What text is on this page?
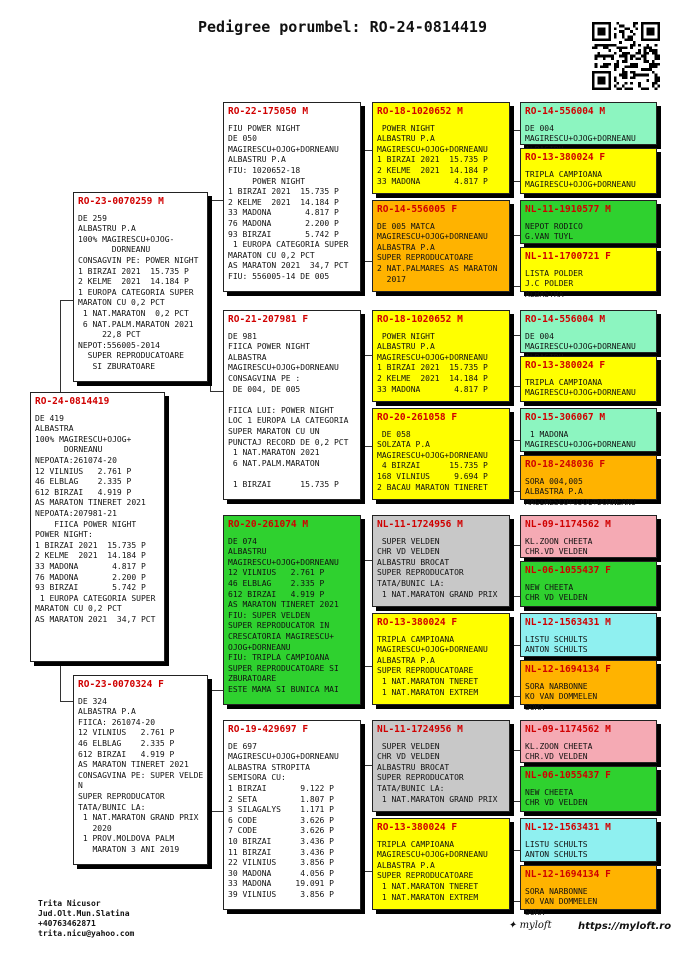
Pedigree porumbel: RO-24-0814419
RO-24-0814419
DE 419
ALBASTRA
100% MAGIRESCU+OJOG+
DORNEANU
NEPOATA:261074-20
12 VILNIUS   2.761 P
46 ELBLAG    2.335 P
612 BIRZAI   4.919 P
AS MARATON TINERET 2021
NEPOATA:207981-21
FIICA POWER NIGHT
POWER NIGHT:
1 BIRZAI 2021  15.735 P
2 KELME  2021  14.184 P
33 MADONA       4.817 P
76 MADONA       2.200 P
93 BIRZAI       5.742 P
1 EUROPA CATEGORIA SUPER
MARATON CU 0,2 PCT
AS MARATON 2021  34,7 PCT
RO-23-0070259 M
DE 259
ALBASTRU P.A
100% MAGIRESCU+OJOG-
DORNEANU
CONSAGVIN PE: POWER NIGHT
1 BIRZAI 2021  15.735 P
2 KELME  2021  14.184 P
1 EUROPA CATEGORIA SUPER
MARATON CU 0,2 PCT
1 NAT.MARATON  0,2 PCT
6 NAT.PALM.MARATON 2021
22,8 PCT
NEPOT:556005-2014
SUPER REPRODUCATOARE
SI ZBURATOARE
RO-23-0070324 F
DE 324
ALBASTRA P.A
FIICA: 261074-20
12 VILNIUS   2.761 P
46 ELBLAG    2.335 P
612 BIRZAI   4.919 P
AS MARATON TINERET 2021
CONSAGVINA PE: SUPER VELDE
N
SUPER REPRODUCATOR
TATA/BUNIC LA:
1 NAT.MARATON GRAND PRIX
2020
1 PROV.MOLDOVA PALM
MARATON 3 ANI 2019
RO-22-175050 M
FIU POWER NIGHT
DE 050
MAGIRESCU+OJOG+DORNEANU
ALBASTRU P.A
FIU: 1020652-18
POWER NIGHT
1 BIRZAI 2021  15.735 P
2 KELME  2021  14.184 P
33 MADONA       4.817 P
76 MADONA       2.200 P
93 BIRZAI       5.742 P
1 EUROPA CATEGORIA SUPER
MARATON CU 0,2 PCT
AS MARATON 2021  34,7 PCT
FIU: 556005-14 DE 005
RO-21-207981 F
DE 981
FIICA POWER NIGHT
ALBASTRA
MAGIRESCU+OJOG+DORNEANU
CONSAGVINA PE :
DE 004, DE 005

FIICA LUI: POWER NIGHT
LOC 1 EUROPA LA CATEGORIA
SUPER MARATON CU UN
PUNCTAJ RECORD DE 0,2 PCT
1 NAT.MARATON 2021
6 NAT.PALM.MARATON

1 BIRZAI      15.735 P
RO-20-261074 M
DE 074
ALBASTRU
MAGIRESCU+OJOG+DORNEANU
12 VILNIUS   2.761 P
46 ELBLAG    2.335 P
612 BIRZAI   4.919 P
AS MARATON TINERET 2021
FIU: SUPER VELDEN
SUPER REPRODUCATOR IN
CRESCATORIA MAGIRESCU+
OJOG+DORNEANU
FIU: TRIPLA CAMPIOANA
SUPER REPRODUCATOARE SI
ZBURATOARE
ESTE MAMA SI BUNICA MAI
RO-19-429697 F
DE 697
MAGIRESCU+OJOG+DORNEANU
ALBASTRA STROPITA
SEMISORA CU:
1 BIRZAI       9.122 P
2 SETA         1.807 P
3 SILAGALYS    1.171 P
6 CODE         3.626 P
7 CODE         3.626 P
10 BIRZAI      3.436 P
11 BIRZAI      3.436 P
22 VILNIUS     3.856 P
30 MADONA      4.056 P
33 MADONA     19.091 P
39 VILNIUS     3.856 P
RO-18-1020652 M
POWER NIGHT
ALBASTRU P.A
MAGIRESCU+OJOG+DORNEANU
1 BIRZAI 2021  15.735 P
2 KELME  2021  14.184 P
33 MADONA       4.817 P
RO-14-556005 F
DE 005 MATCA
MAGIRESCU+OJOG+DORNEANU
ALBASTRA P.A
SUPER REPRODUCATOARE
2 NAT.PALMARES AS MARATON
2017
RO-18-1020652 M
POWER NIGHT
ALBASTRU P.A
MAGIRESCU+OJOG+DORNEANU
1 BIRZAI 2021  15.735 P
2 KELME  2021  14.184 P
33 MADONA       4.817 P
RO-20-261058 F
DE 058
SOLZATA P.A
MAGIRESCU+OJOG+DORNEANU
4 BIRZAI      15.735 P
168 VILNIUS     9.694 P
2 BACAU MARATON TINERET
NL-11-1724956 M
SUPER VELDEN
CHR VD VELDEN
ALBASTRU BROCAT
SUPER REPRODUCATOR
TATA/BUNIC LA:
1 NAT.MARATON GRAND PRIX
RO-13-380024 F
TRIPLA CAMPIOANA
MAGIRESCU+OJOG+DORNEANU
ALBASTRA P.A
SUPER REPRODUCATOARE
1 NAT.MARATON TNERET
1 NAT.MARATON EXTREM
NL-11-1724956 M
SUPER VELDEN
CHR VD VELDEN
ALBASTRU BROCAT
SUPER REPRODUCATOR
TATA/BUNIC LA:
1 NAT.MARATON GRAND PRIX
RO-13-380024 F
TRIPLA CAMPIOANA
MAGIRESCU+OJOG+DORNEANU
ALBASTRA P.A
SUPER REPRODUCATOARE
1 NAT.MARATON TNERET
1 NAT.MARATON EXTREM
RO-14-556004 M
DE 004
MAGIRESCU+OJOG+DORNEANU
RO-13-380024 F
TRIPLA CAMPIOANA
MAGIRESCU+OJOG+DORNEANU
NL-11-1910577 M
NEPOT RODICO
G.VAN TUYL
NL-11-1700721 F
LISTA POLDER
J.C POLDER
ALBASTRA
RO-14-556004 M
DE 004
MAGIRESCU+OJOG+DORNEANU
RO-13-380024 F
TRIPLA CAMPIOANA
MAGIRESCU+OJOG+DORNEANU
RO-15-306067 M
1 MADONA
MAGIRESCU+OJOG+DORNEANU
RO-18-248036 F
SORA 004,005
ALBASTRA P.A
MAGIRESCU+OJOG+DORNEANU
NL-09-1174562 M
KL.ZOON CHEETA
CHR.VD VELDEN
NL-06-1055437 F
NEW CHEETA
CHR VD VELDEN
NL-12-1563431 M
LISTU SCHULTS
ANTON SCHULTS
NL-12-1694134 F
SORA NARBONNE
KO VAN DOMMELEN
SURA
NL-09-1174562 M
KL.ZOON CHEETA
CHR.VD VELDEN
NL-06-1055437 F
NEW CHEETA
CHR VD VELDEN
NL-12-1563431 M
LISTU SCHULTS
ANTON SCHULTS
NL-12-1694134 F
SORA NARBONNE
KO VAN DOMMELEN
SURA
Trita Nicusor
Jud.Olt.Mun.Slatina
+40763462871
trita.nicu@yahoo.com
✦ myloft	https://myloft.ro
